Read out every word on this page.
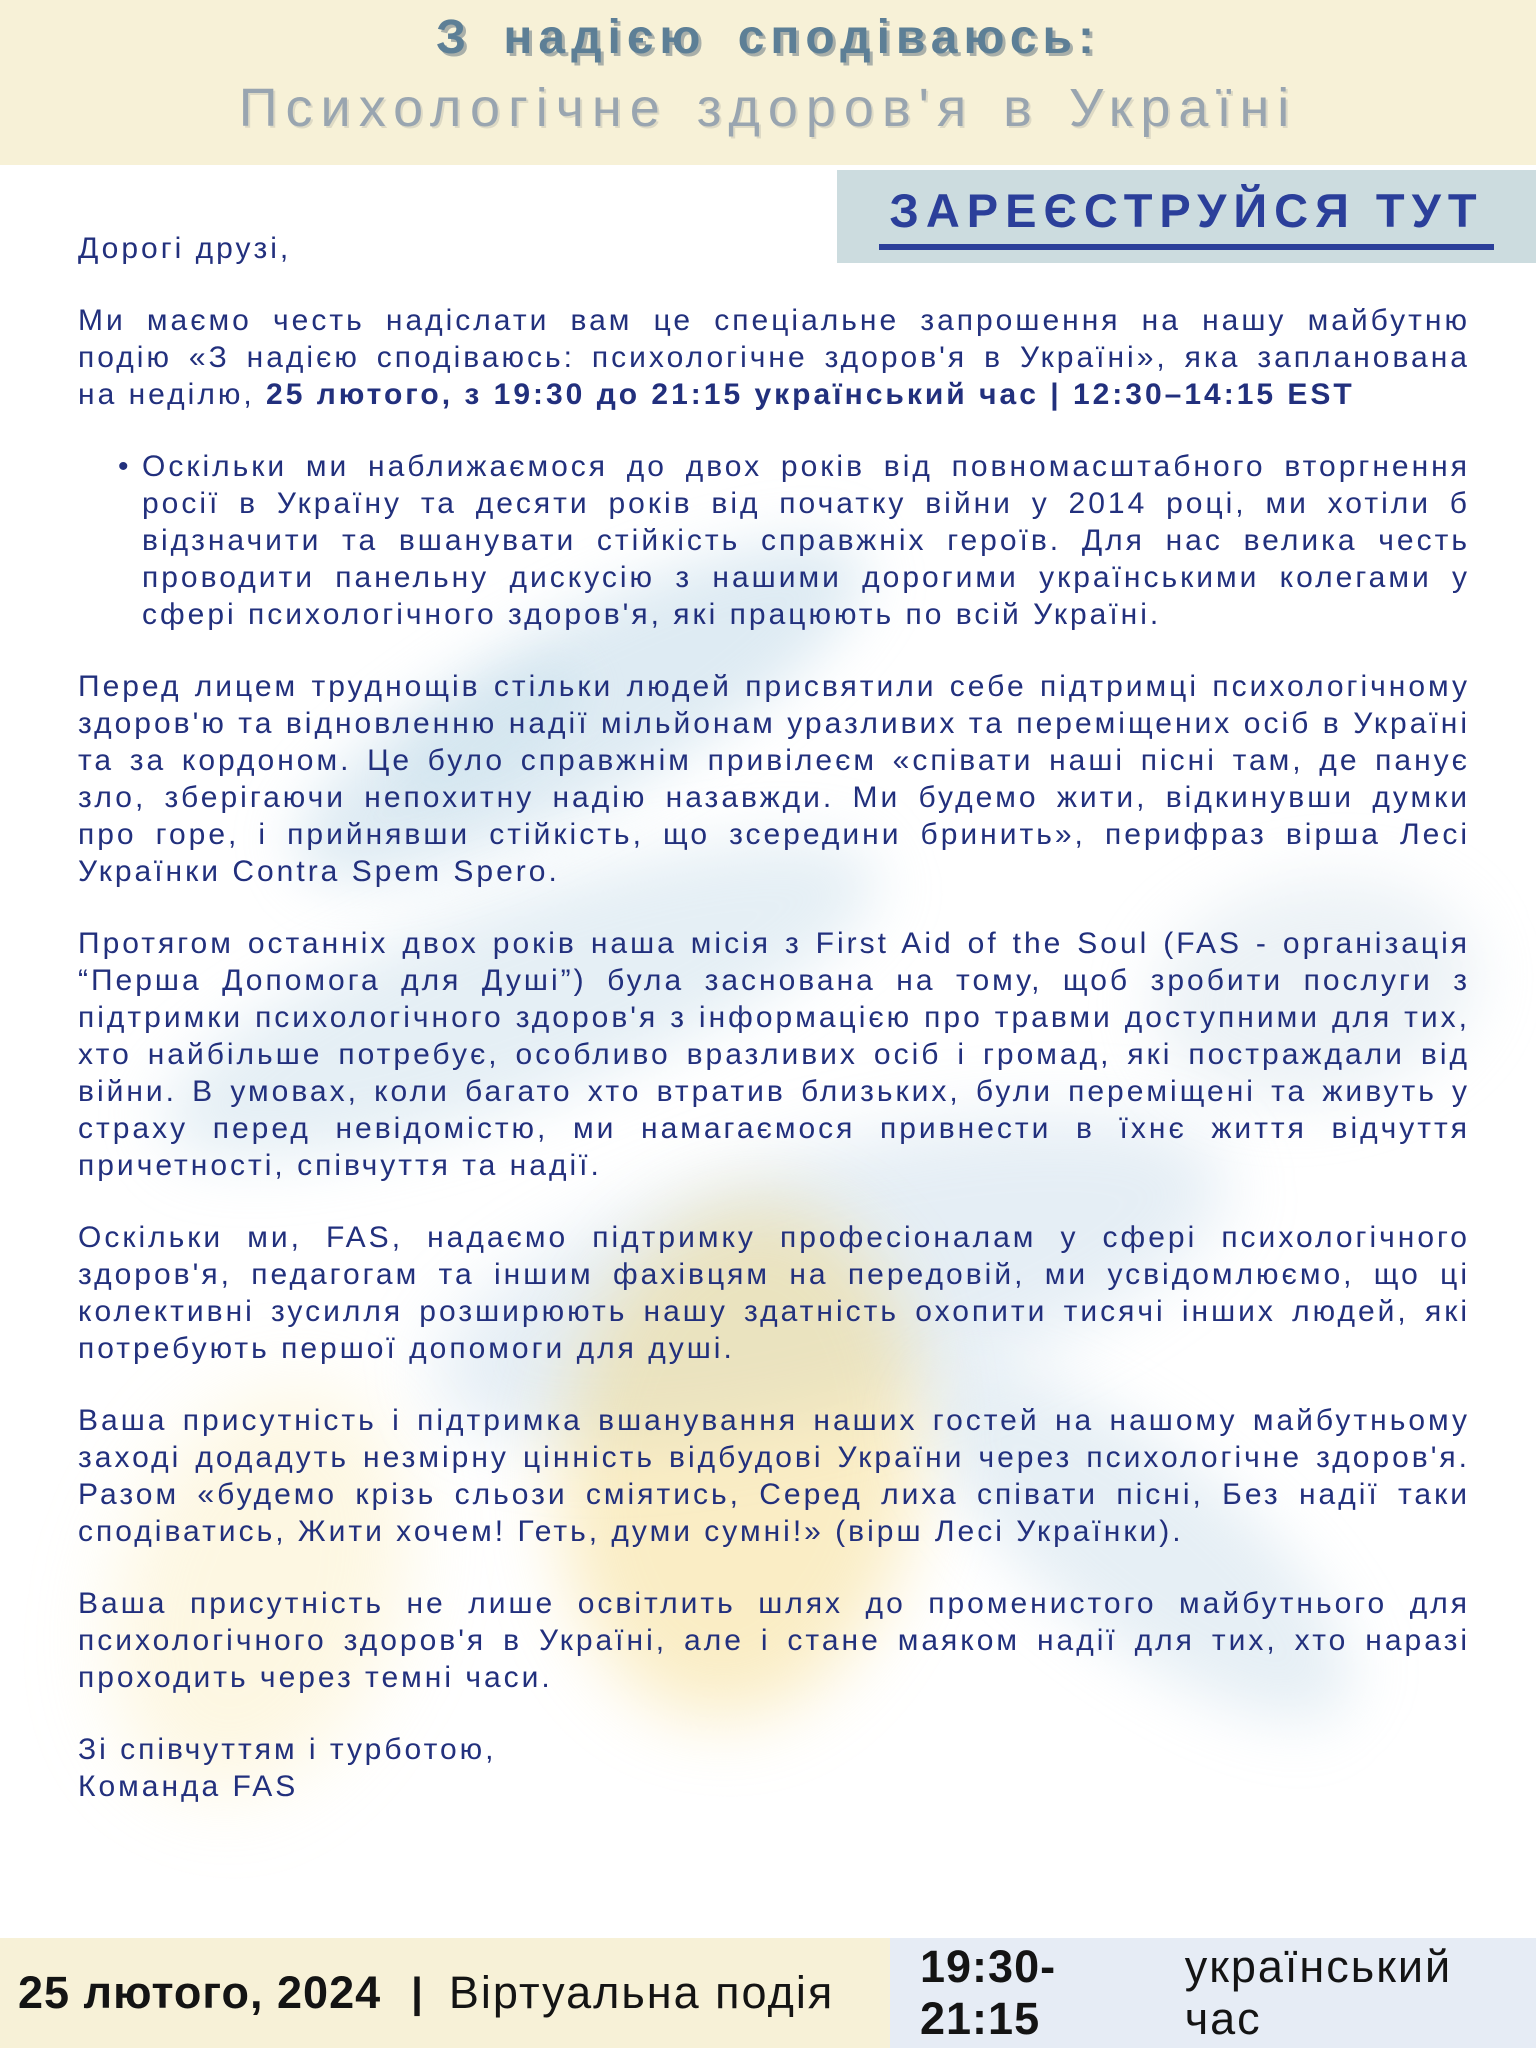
З надією сподіваюсь:
Психологічне здоров'я в Україні
ЗАРЕЄСТРУЙСЯ ТУТ

Дорогі друзі,

Ми маємо честь надіслати вам це спеціальне запрошення на нашу майбутню подію «З надією сподіваюсь: психологічне здоров'я в Україні», яка запланована на неділю, 25 лютого, з 19:30 до 21:15 український час | 12:30–14:15 EST

• Оскільки ми наближаємося до двох років від повномасштабного вторгнення росії в Україну та десяти років від початку війни у 2014 році, ми хотіли б відзначити та вшанувати стійкість справжніх героїв. Для нас велика честь проводити панельну дискусію з нашими дорогими українськими колегами у сфері психологічного здоров'я, які працюють по всій Україні.

Перед лицем труднощів стільки людей присвятили себе підтримці психологічному здоров'ю та відновленню надії мільйонам уразливих та переміщених осіб в Україні та за кордоном. Це було справжнім привілеєм «співати наші пісні там, де панує зло, зберігаючи непохитну надію назавжди. Ми будемо жити, відкинувши думки про горе, і прийнявши стійкість, що зсередини бринить», перифраз вірша Лесі Українки Contra Spem Spero.

Протягом останніх двох років наша місія з First Aid of the Soul (FAS - організація “Перша Допомога для Душі”) була заснована на тому, щоб зробити послуги з підтримки психологічного здоров'я з інформацією про травми доступними для тих, хто найбільше потребує, особливо вразливих осіб і громад, які постраждали від війни. В умовах, коли багато хто втратив близьких, були переміщені та живуть у страху перед невідомістю, ми намагаємося привнести в їхнє життя відчуття причетності, співчуття та надії.

Оскільки ми, FAS, надаємо підтримку професіоналам у сфері психологічного здоров'я, педагогам та іншим фахівцям на передовій, ми усвідомлюємо, що ці колективні зусилля розширюють нашу здатність охопити тисячі інших людей, які потребують першої допомоги для душі.

Ваша присутність і підтримка вшанування наших гостей на нашому майбутньому заході додадуть незмірну цінність відбудові України через психологічне здоров'я. Разом «будемо крізь сльози сміятись, Серед лиха співати пісні, Без надії таки сподіватись, Жити хочем! Геть, думи сумні!» (вірш Лесі Українки).

Ваша присутність не лише освітлить шлях до променистого майбутнього для психологічного здоров'я в Україні, але і стане маяком надії для тих, хто наразі проходить через темні часи.

Зі співчуттям і турботою,
Команда FAS

25 лютого, 2024 | Віртуальна подія
19:30-21:15
український час
